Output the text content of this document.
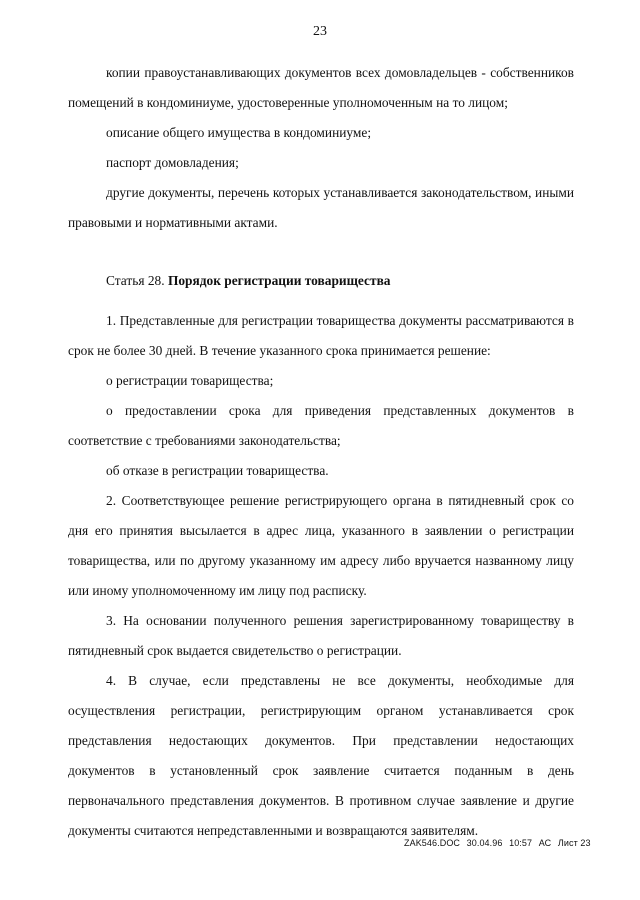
23

копии правоустанавливающих документов всех домовладельцев - собственников помещений в кондоминиуме, удостоверенные уполномоченным на то лицом;

описание общего имущества в кондоминиуме;

паспорт домовладения;

другие документы, перечень которых устанавливается законодательством, иными правовыми и нормативными актами.

Статья 28. Порядок регистрации товарищества

1. Представленные для регистрации товарищества документы рассматриваются в срок не более 30 дней. В течение указанного срока принимается решение:

о регистрации товарищества;

о предоставлении срока для приведения представленных документов в соответствие с требованиями законодательства;

об отказе в регистрации товарищества.

2. Соответствующее решение регистрирующего органа в пятидневный срок со дня его принятия высылается в адрес лица, указанного в заявлении о регистрации товарищества, или по другому указанному им адресу либо вручается названному лицу или иному уполномоченному им лицу под расписку.

3. На основании полученного решения зарегистрированному товариществу в пятидневный срок выдается свидетельство о регистрации.

4. В случае, если представлены не все документы, необходимые для осуществления регистрации, регистрирующим органом устанавливается срок представления недостающих документов. При представлении недостающих документов в установленный срок заявление считается поданным в день первоначального представления документов. В противном случае заявление и другие документы считаются непредставленными и возвращаются заявителям.

ZAK546.DOC 30.04.96 10:57 АС Лист 23
